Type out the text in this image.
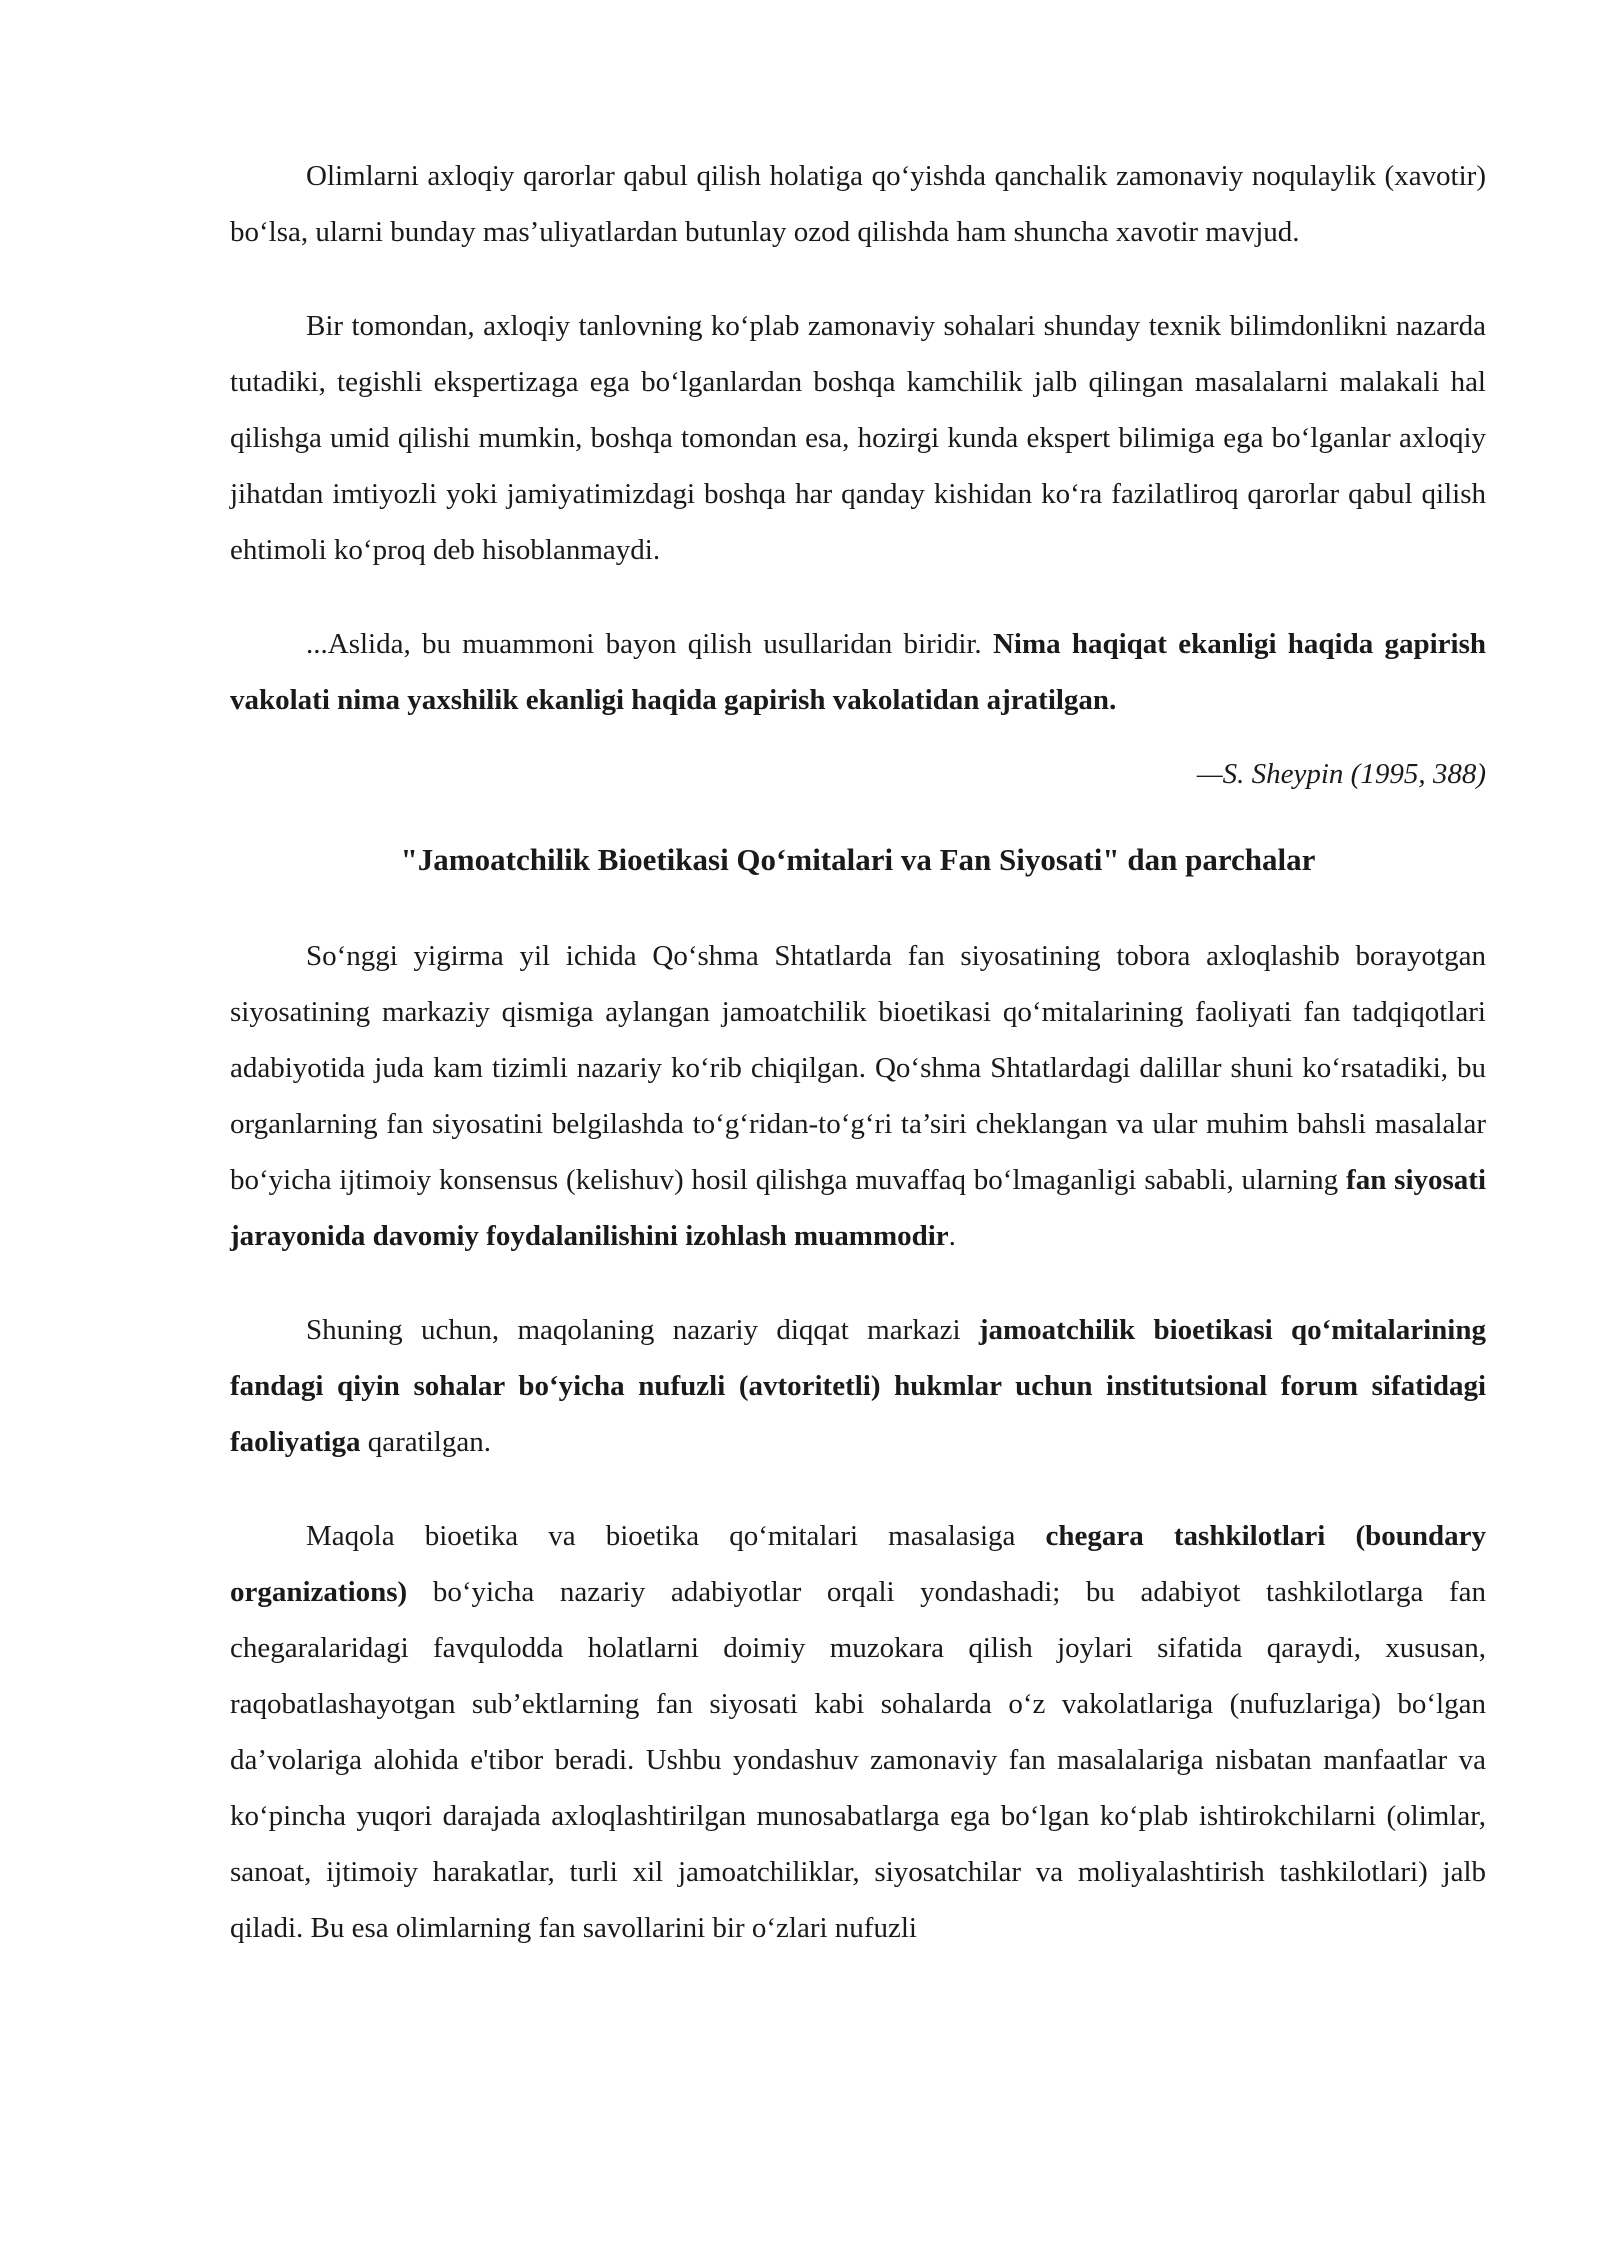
Olimlarni axloqiy qarorlar qabul qilish holatiga qo‘yishda qanchalik zamonaviy noqulaylik (xavotir) bo‘lsa, ularni bunday mas’uliyatlardan butunlay ozod qilishda ham shuncha xavotir mavjud.

Bir tomondan, axloqiy tanlovning ko‘plab zamonaviy sohalari shunday texnik bilimdonlikni nazarda tutadiki, tegishli ekspertizaga ega bo‘lganlardan boshqa kamchilik jalb qilingan masalalarni malakali hal qilishga umid qilishi mumkin, boshqa tomondan esa, hozirgi kunda ekspert bilimiga ega bo‘lganlar axloqiy jihatdan imtiyozli yoki jamiyatimizdagi boshqa har qanday kishidan ko‘ra fazilatliroq qarorlar qabul qilish ehtimoli ko‘proq deb hisoblanmaydi.

...Aslida, bu muammoni bayon qilish usullaridan biridir. Nima haqiqat ekanligi haqida gapirish vakolati nima yaxshilik ekanligi haqida gapirish vakolatidan ajratilgan.

—S. Sheypin (1995, 388)

"Jamoatchilik Bioetikasi Qo‘mitalari va Fan Siyosati" dan parchalar

So‘nggi yigirma yil ichida Qo‘shma Shtatlarda fan siyosatining tobora axloqlashib borayotgan siyosatining markaziy qismiga aylangan jamoatchilik bioetikasi qo‘mitalarining faoliyati fan tadqiqotlari adabiyotida juda kam tizimli nazariy ko‘rib chiqilgan. Qo‘shma Shtatlardagi dalillar shuni ko‘rsatadiki, bu organlarning fan siyosatini belgilashda to‘g‘ridan-to‘g‘ri ta’siri cheklangan va ular muhim bahsli masalalar bo‘yicha ijtimoiy konsensus (kelishuv) hosil qilishga muvaffaq bo‘lmaganligi sababli, ularning fan siyosati jarayonida davomiy foydalanilishini izohlash muammodir.

Shuning uchun, maqolaning nazariy diqqat markazi jamoatchilik bioetikasi qo‘mitalarining fandagi qiyin sohalar bo‘yicha nufuzli (avtoritetli) hukmlar uchun institutsional forum sifatidagi faoliyatiga qaratilgan.

Maqola bioetika va bioetika qo‘mitalari masalasiga chegara tashkilotlari (boundary organizations) bo‘yicha nazariy adabiyotlar orqali yondashadi; bu adabiyot tashkilotlarga fan chegaralaridagi favqulodda holatlarni doimiy muzokara qilish joylari sifatida qaraydi, xususan, raqobatlashayotgan sub’ektlarning fan siyosati kabi sohalarda o‘z vakolatlariga (nufuzlariga) bo‘lgan da’volariga alohida e'tibor beradi. Ushbu yondashuv zamonaviy fan masalalariga nisbatan manfaatlar va ko‘pincha yuqori darajada axloqlashtirilgan munosabatlarga ega bo‘lgan ko‘plab ishtirokchilarni (olimlar, sanoat, ijtimoiy harakatlar, turli xil jamoatchiliklar, siyosatchilar va moliyalashtirish tashkilotlari) jalb qiladi. Bu esa olimlarning fan savollarini bir o‘zlari nufuzli
